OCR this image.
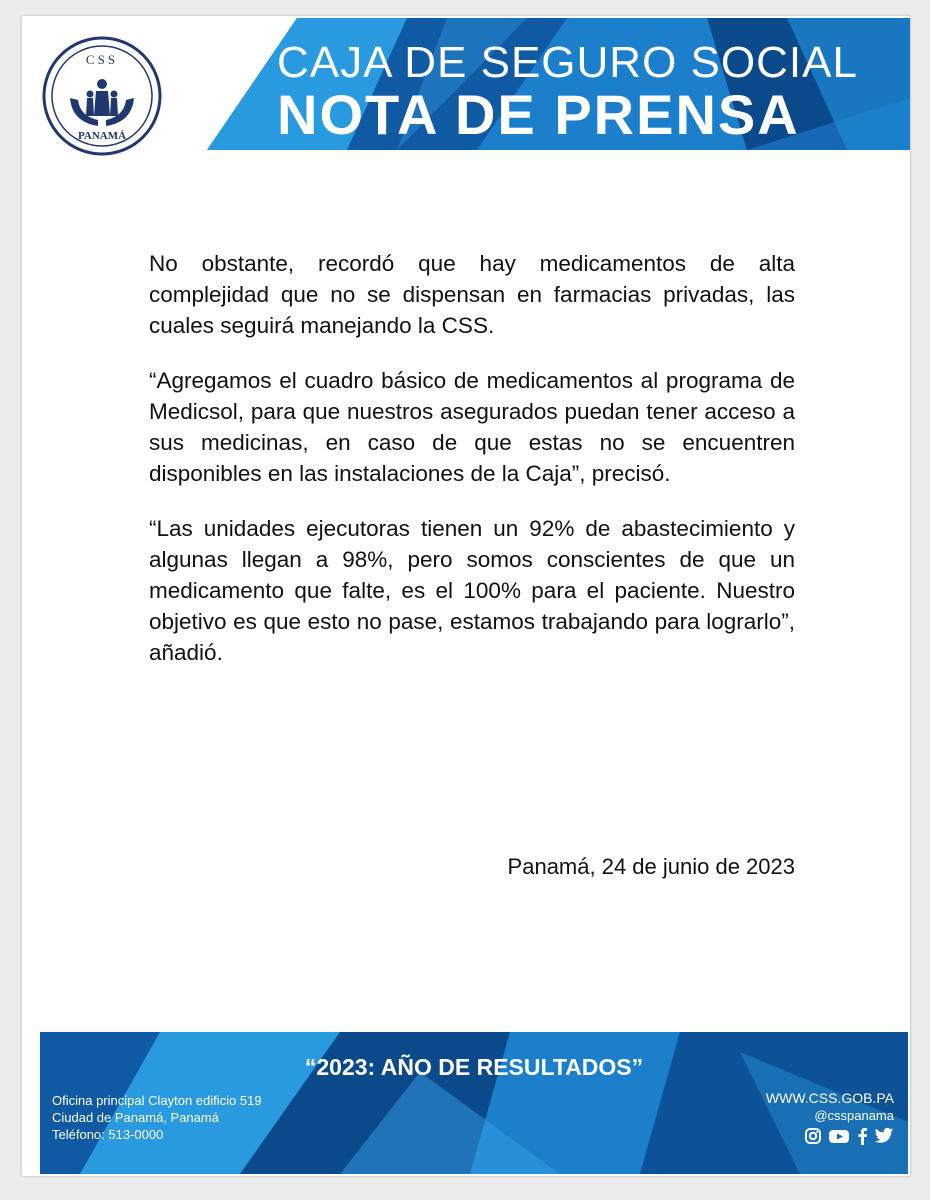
CAJA DE SEGURO SOCIAL
NOTA DE PRENSA
CSS
PANAMÁ

No obstante, recordó que hay medicamentos de alta complejidad que no se dispensan en farmacias privadas, las cuales seguirá manejando la CSS.

“Agregamos el cuadro básico de medicamentos al programa de Medicsol, para que nuestros asegurados puedan tener acceso a sus medicinas, en caso de que estas no se encuentren disponibles en las instalaciones de la Caja”, precisó.

“Las unidades ejecutoras tienen un 92% de abastecimiento y algunas llegan a 98%, pero somos conscientes de que un medicamento que falte, es el 100% para el paciente. Nuestro objetivo es que esto no pase, estamos trabajando para lograrlo”, añadió.

Panamá, 24 de junio de 2023
“2023: AÑO DE RESULTADOS”
Oficina principal Clayton edificio 519
Ciudad de Panamá, Panamá
Teléfono: 513-0000
WWW.CSS.GOB.PA
@csspanama
